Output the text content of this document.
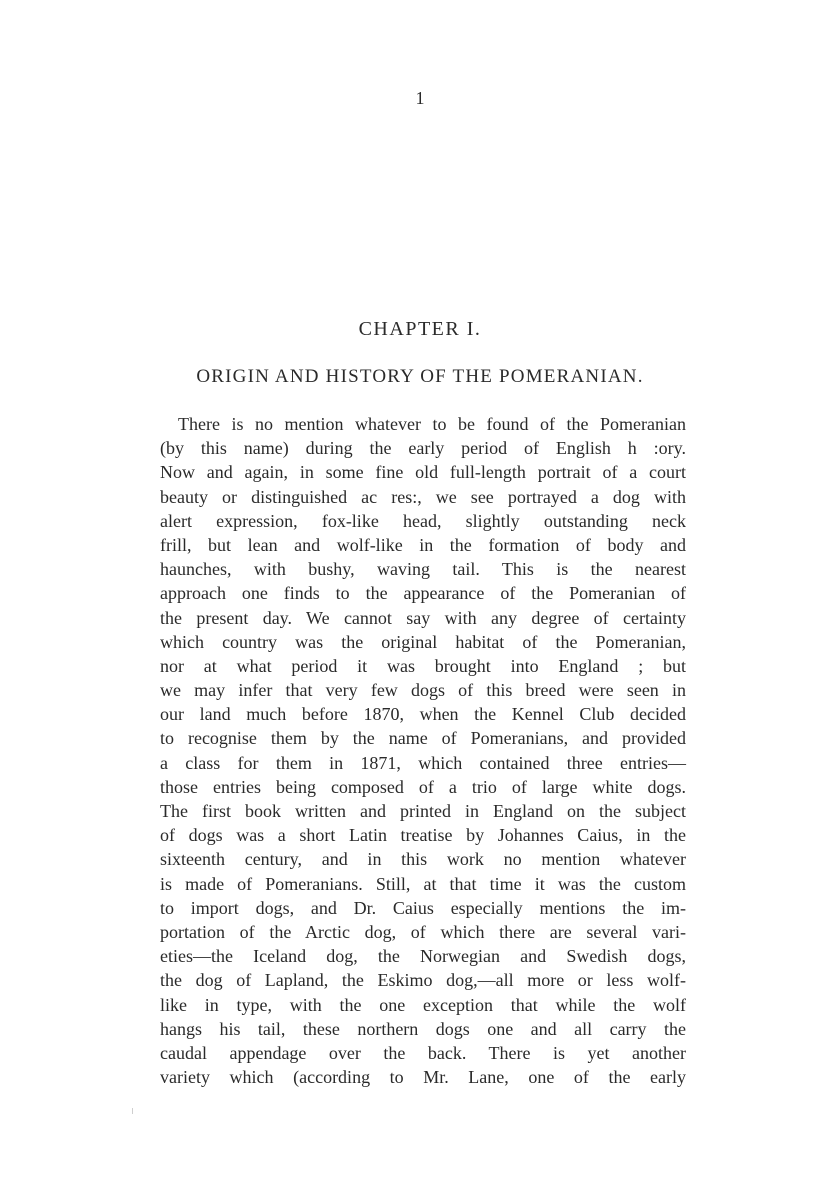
1

CHAPTER I.
ORIGIN AND HISTORY OF THE POMERANIAN.
There is no mention whatever to be found of the Pomeranian
(by this name) during the early period of English h :ory.
Now and again, in some fine old full-length portrait of a court
beauty or distinguished ac res:, we see portrayed a dog with
alert expression, fox-like head, slightly outstanding neck
frill, but lean and wolf-like in the formation of body and
haunches, with bushy, waving tail. This is the nearest
approach one finds to the appearance of the Pomeranian of
the present day. We cannot say with any degree of certainty
which country was the original habitat of the Pomeranian,
nor at what period it was brought into England ; but
we may infer that very few dogs of this breed were seen in
our land much before 1870, when the Kennel Club decided
to recognise them by the name of Pomeranians, and provided
a class for them in 1871, which contained three entries—
those entries being composed of a trio of large white dogs.
The first book written and printed in England on the subject
of dogs was a short Latin treatise by Johannes Caius, in the
sixteenth century, and in this work no mention whatever
is made of Pomeranians. Still, at that time it was the custom
to import dogs, and Dr. Caius especially mentions the im-
portation of the Arctic dog, of which there are several vari-
eties—the Iceland dog, the Norwegian and Swedish dogs,
the dog of Lapland, the Eskimo dog,—all more or less wolf-
like in type, with the one exception that while the wolf
hangs his tail, these northern dogs one and all carry the
caudal appendage over the back. There is yet another
variety which (according to Mr. Lane, one of the early
